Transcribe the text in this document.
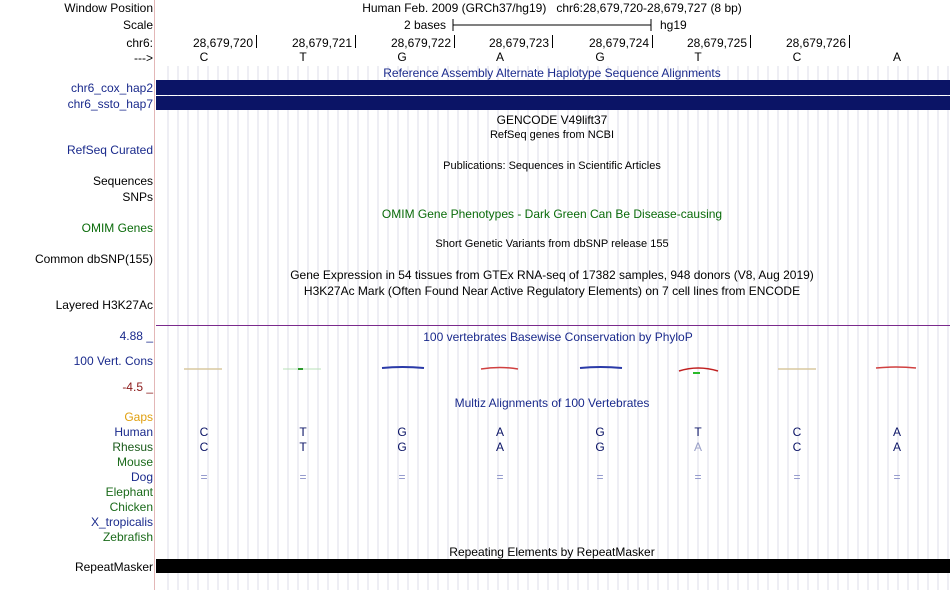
Window Position	Human Feb. 2009 (GRCh37/hg19)   chr6:28,679,720-28,679,727 (8 bp)
Scale	2 bases	hg19
chr6:	28,679,720	28,679,721	28,679,722	28,679,723	28,679,724	28,679,725	28,679,726
--->	C	T	G	A	G	T	C	A
Reference Assembly Alternate Haplotype Sequence Alignments
chr6_cox_hap2
chr6_ssto_hap7
GENCODE V49lift37
RefSeq genes from NCBI
RefSeq Curated
Publications: Sequences in Scientific Articles
Sequences
SNPs
OMIM Gene Phenotypes - Dark Green Can Be Disease-causing
OMIM Genes
Short Genetic Variants from dbSNP release 155
Common dbSNP(155)
Gene Expression in 54 tissues from GTEx RNA-seq of 17382 samples, 948 donors (V8, Aug 2019)
H3K27Ac Mark (Often Found Near Active Regulatory Elements) on 7 cell lines from ENCODE
Layered H3K27Ac
100 vertebrates Basewise Conservation by PhyloP
4.88 _
100 Vert. Cons
-4.5 _
Multiz Alignments of 100 Vertebrates
Gaps
Human	C	T	G	A	G	T	C	A
Rhesus	C	T	G	A	G	A	C	A
Mouse
Dog	=	=	=	=	=	=	=	=
Elephant
Chicken
X_tropicalis
Zebrafish
Repeating Elements by RepeatMasker
RepeatMasker
